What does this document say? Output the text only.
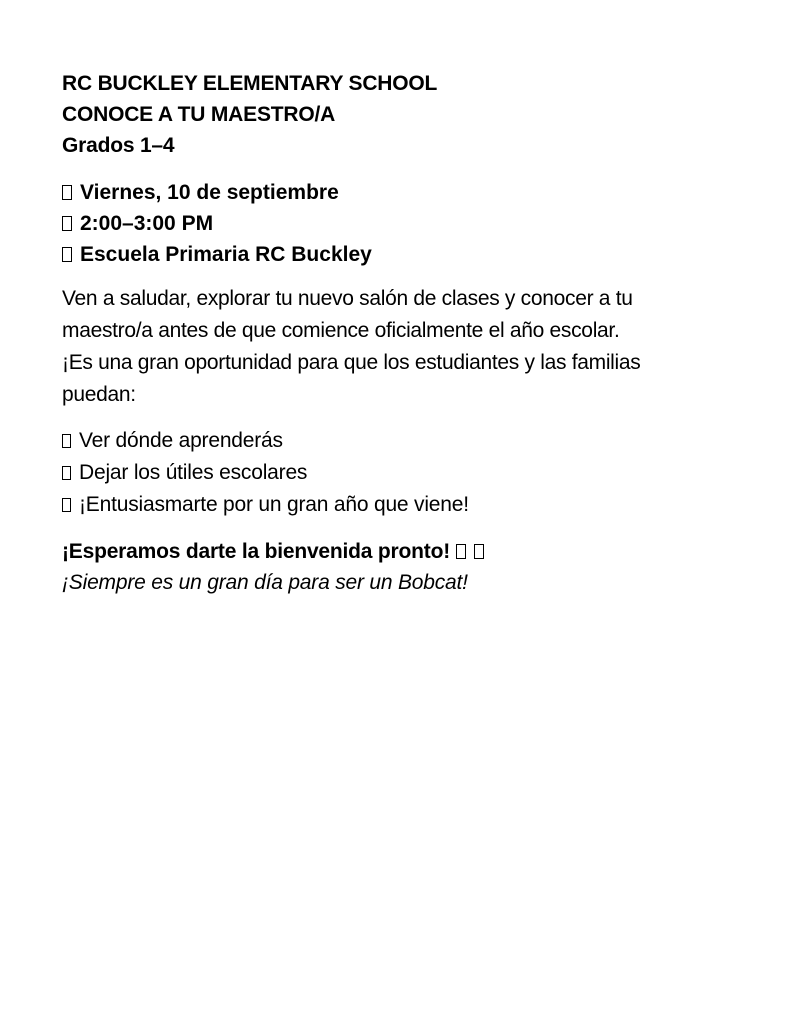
RC BUCKLEY ELEMENTARY SCHOOL
CONOCE A TU MAESTRO/A
Grados 1–4
Viernes, 10 de septiembre
2:00–3:00 PM
Escuela Primaria RC Buckley
Ven a saludar, explorar tu nuevo salón de clases y conocer a tu
maestro/a antes de que comience oficialmente el año escolar.
¡Es una gran oportunidad para que los estudiantes y las familias
puedan:
Ver dónde aprenderás
Dejar los útiles escolares
¡Entusiasmarte por un gran año que viene!
¡Esperamos darte la bienvenida pronto!
¡Siempre es un gran día para ser un Bobcat!
